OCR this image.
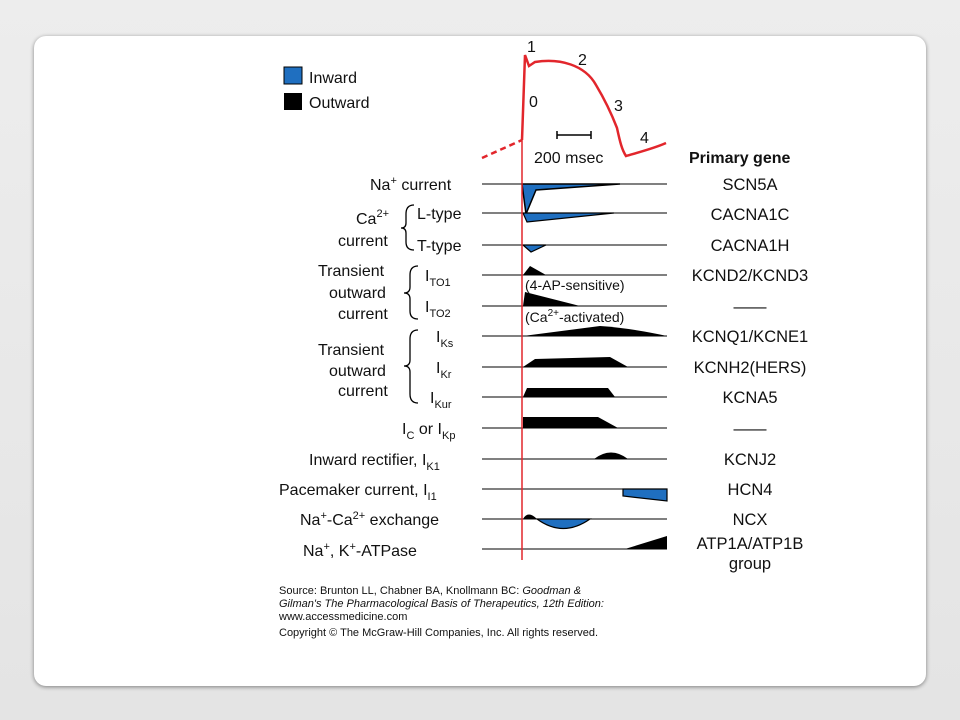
Inward
Outward
1
2
0	3
4
200 msec	Primary gene
(4-AP-sensitive)
$(Ca^{2+}-activated)$
Na+ current
L-type
T-type
$Ca^{2+}$
current
$I_{TO1}$
$I_{TO2}$
Transient
outward
current
$I_{Ks}$
$I_{Kr}$
$I_{Kur}$
Transient
outward
current
$I_C$ or $I_{Kp}$
Inward rectifier, $I_{K1}$
Pacemaker current, $I_{I1}$
$Na^+-Ca^{2+}$ exchange
Na+, K+-ATPase
SCN5A
CACNA1C
CACNA1H
KCND2/KCND3
——
KCNQ1/KCNE1
KCNH2(HERS)
KCNA5
——
KCNJ2
HCN4
NCX
ATP1A/ATP1B
group
Source: Brunton LL, Chabner BA, Knollmann BC: Goodman &
Gilman's The Pharmacological Basis of Therapeutics, 12th Edition:
www.accessmedicine.com
Copyright © The McGraw-Hill Companies, Inc. All rights reserved.
